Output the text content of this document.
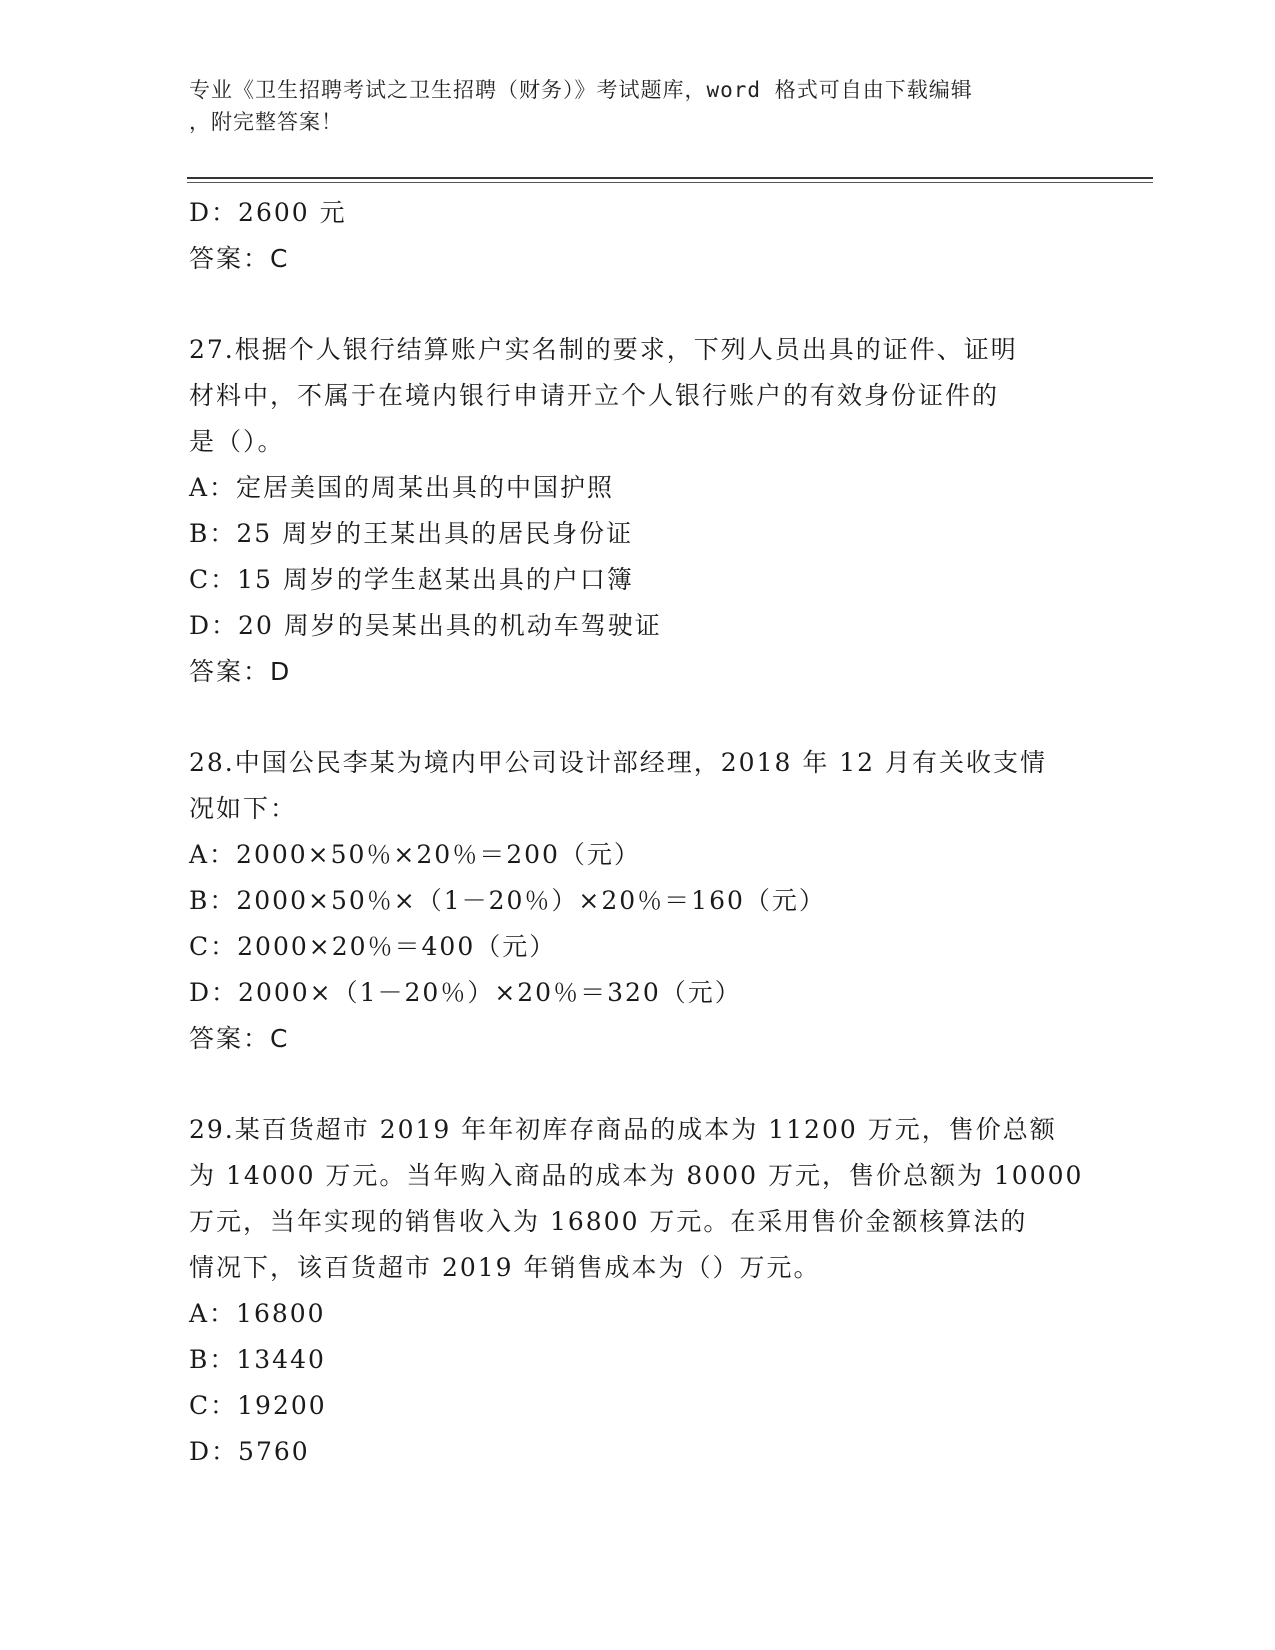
专业《卫生招聘考试之卫生招聘（财务）》考试题库，word 格式可自由下载编辑
，附完整答案！
D：2600 元
答案：C
27.根据个人银行结算账户实名制的要求，下列人员出具的证件、证明
材料中，不属于在境内银行申请开立个人银行账户的有效身份证件的
是（）。
A：定居美国的周某出具的中国护照
B：25 周岁的王某出具的居民身份证
C：15 周岁的学生赵某出具的户口簿
D：20 周岁的吴某出具的机动车驾驶证
答案：D
28.中国公民李某为境内甲公司设计部经理，2018 年 12 月有关收支情
况如下：
A：2000×50％×20％＝200（元）
B：2000×50％×（1－20％）×20％＝160（元）
C：2000×20％＝400（元）
D：2000×（1－20％）×20％＝320（元）
答案：C
29.某百货超市 2019 年年初库存商品的成本为 11200 万元，售价总额
为 14000 万元。当年购入商品的成本为 8000 万元，售价总额为 10000
万元，当年实现的销售收入为 16800 万元。在采用售价金额核算法的
情况下，该百货超市 2019 年销售成本为（）万元。
A：16800
B：13440
C：19200
D：5760
